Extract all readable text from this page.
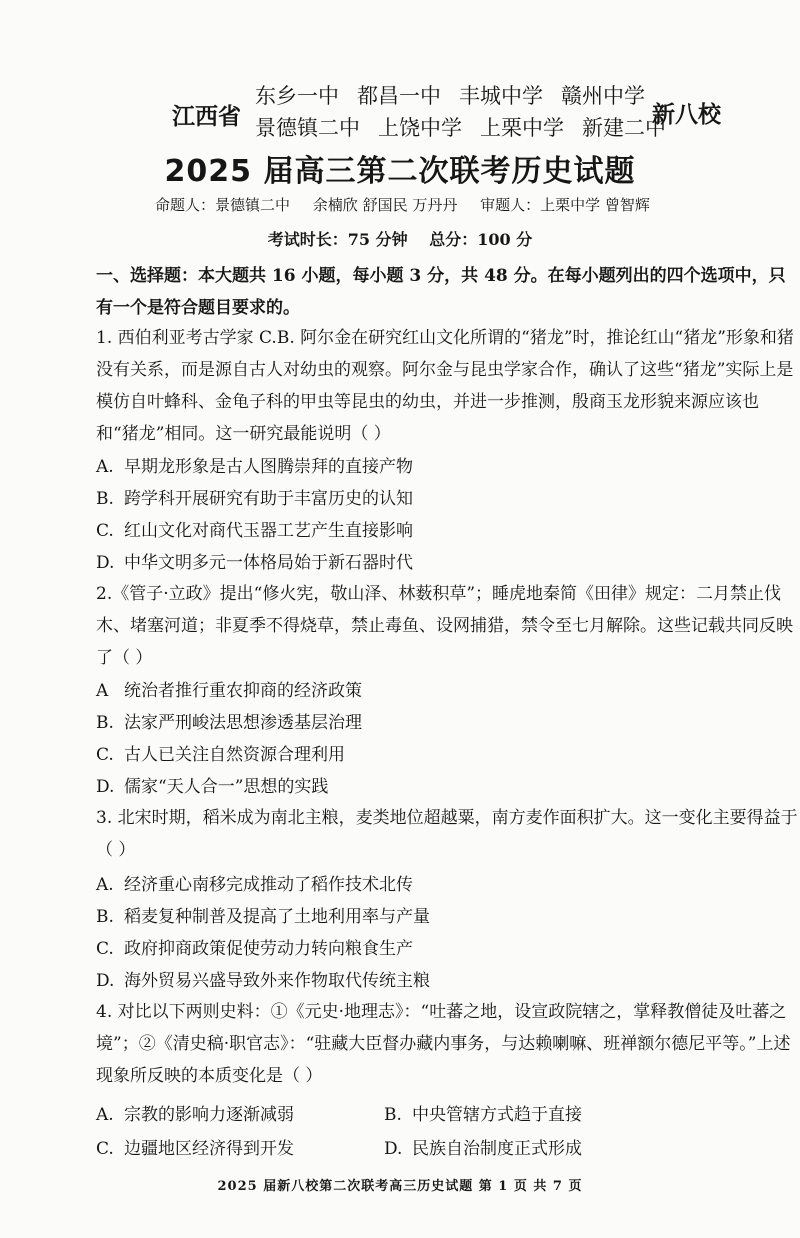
江西省
东乡一中 都昌一中 丰城中学 赣州中学
景德镇二中 上饶中学 上栗中学 新建二中
新八校
2025 届高三第二次联考历史试题
命题人：景德镇二中 余楠欣 舒国民 万丹丹 审题人：上栗中学 曾智辉
考试时长：75 分钟 总分：100 分
一、选择题：本大题共 16 小题，每小题 3 分，共 48 分。在每小题列出的四个选项中，只有一个是符合题目要求的。
1. 西伯利亚考古学家 C.B. 阿尔金在研究红山文化所谓的“猪龙”时，推论红山“猪龙”形象和猪没有关系，而是源自古人对幼虫的观察。阿尔金与昆虫学家合作，确认了这些“猪龙”实际上是模仿自叶蜂科、金龟子科的甲虫等昆虫的幼虫，并进一步推测，殷商玉龙形貌来源应该也和“猪龙”相同。这一研究最能说明（ ）
A. 早期龙形象是古人图腾崇拜的直接产物
B. 跨学科开展研究有助于丰富历史的认知
C. 红山文化对商代玉器工艺产生直接影响
D. 中华文明多元一体格局始于新石器时代
2.《管子·立政》提出“修火宪，敬山泽、林薮积草”；睡虎地秦简《田律》规定：二月禁止伐木、堵塞河道；非夏季不得烧草，禁止毒鱼、设网捕猎，禁令至七月解除。这些记载共同反映了（ ）
A 统治者推行重农抑商的经济政策
B. 法家严刑峻法思想渗透基层治理
C. 古人已关注自然资源合理利用
D. 儒家“天人合一”思想的实践
3. 北宋时期，稻米成为南北主粮，麦类地位超越粟，南方麦作面积扩大。这一变化主要得益于（ ）
A. 经济重心南移完成推动了稻作技术北传
B. 稻麦复种制普及提高了土地利用率与产量
C. 政府抑商政策促使劳动力转向粮食生产
D. 海外贸易兴盛导致外来作物取代传统主粮
4. 对比以下两则史料：①《元史·地理志》：“吐蕃之地，设宣政院辖之，掌释教僧徒及吐蕃之境”；②《清史稿·职官志》：“驻藏大臣督办藏内事务，与达赖喇嘛、班禅额尔德尼平等。”上述现象所反映的本质变化是（ ）
A. 宗教的影响力逐渐减弱	B. 中央管辖方式趋于直接
C. 边疆地区经济得到开发	D. 民族自治制度正式形成
2025 届新八校第二次联考高三历史试题 第 1 页 共 7 页
